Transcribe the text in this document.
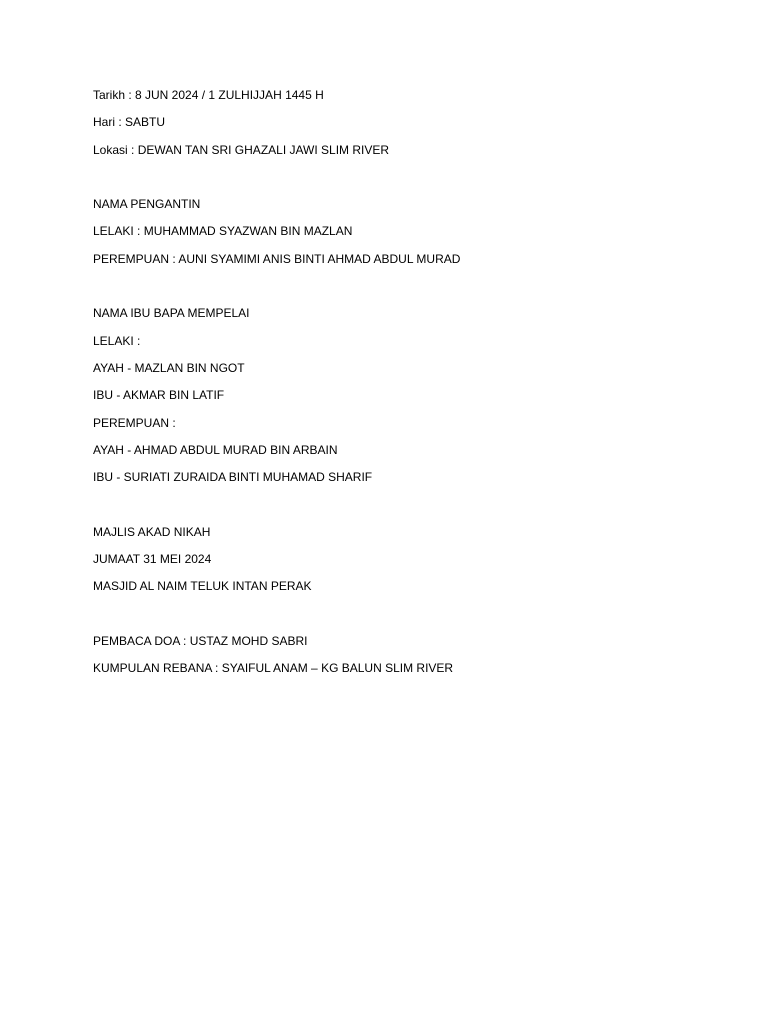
Tarikh : 8 JUN 2024 / 1 ZULHIJJAH 1445 H
Hari : SABTU
Lokasi : DEWAN TAN SRI GHAZALI JAWI SLIM RIVER
NAMA PENGANTIN
LELAKI : MUHAMMAD SYAZWAN BIN MAZLAN
PEREMPUAN : AUNI SYAMIMI ANIS BINTI AHMAD ABDUL MURAD
NAMA IBU BAPA MEMPELAI
LELAKI :
AYAH - MAZLAN BIN NGOT
IBU - AKMAR BIN LATIF
PEREMPUAN :
AYAH - AHMAD ABDUL MURAD BIN ARBAIN
IBU - SURIATI ZURAIDA BINTI MUHAMAD SHARIF
MAJLIS AKAD NIKAH
JUMAAT 31 MEI 2024
MASJID AL NAIM TELUK INTAN PERAK
PEMBACA DOA : USTAZ MOHD SABRI
KUMPULAN REBANA : SYAIFUL ANAM – KG BALUN SLIM RIVER
